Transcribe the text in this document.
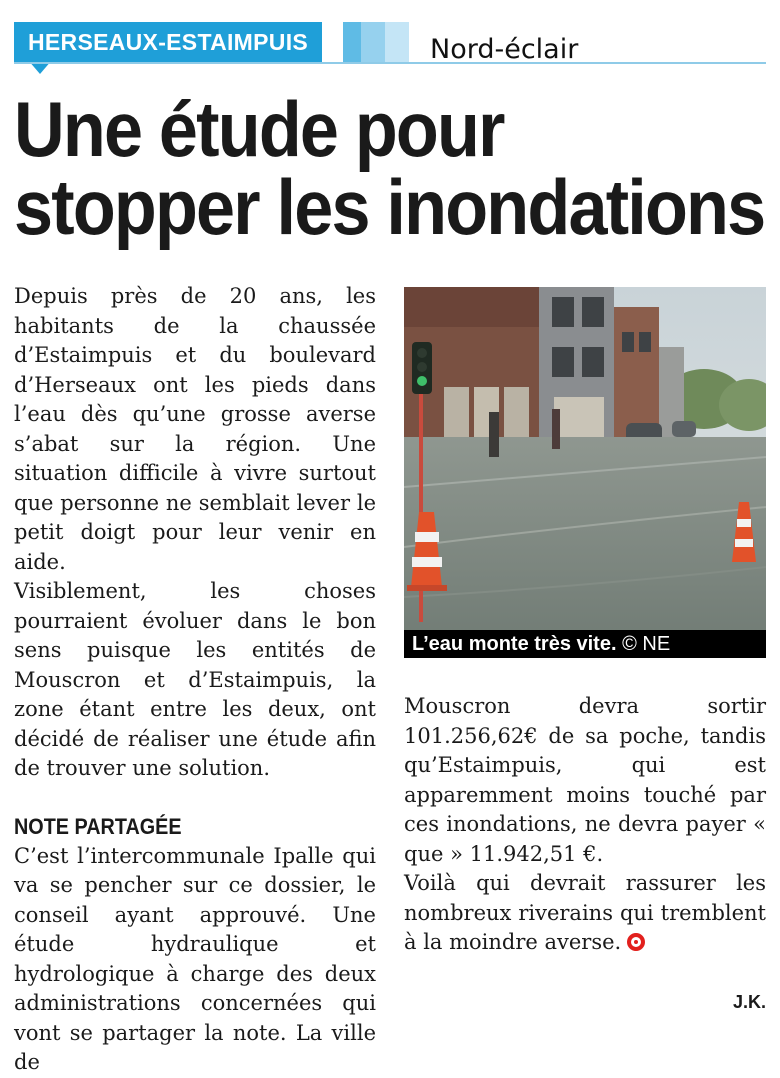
HERSEAUX-ESTAIMPUIS	Nord-éclair
Une étude pour
stopper les inondations

Depuis près de 20 ans, les habitants de la chaussée d’Estaimpuis et du boulevard d’Herseaux ont les pieds dans l’eau dès qu’une grosse averse s’abat sur la région. Une situation difficile à vivre surtout que personne ne semblait lever le petit doigt pour leur venir en aide.

Visiblement, les choses pourraient évoluer dans le bon sens puisque les entités de Mouscron et d’Estaimpuis, la zone étant entre les deux, ont décidé de réaliser une étude afin de trouver une solution.

NOTE PARTAGÉE

C’est l’intercommunale Ipalle qui va se pencher sur ce dossier, le conseil ayant approuvé. Une étude hydraulique et hydrologique à charge des deux administrations concernées qui vont se partager la note. La ville de

L’eau monte très vite. © NE

Mouscron devra sortir 101.256,62€ de sa poche, tandis qu’Estaimpuis, qui est apparemment moins touché par ces inondations, ne devra payer « que » 11.942,51 €.

Voilà qui devrait rassurer les nombreux riverains qui tremblent à la moindre averse.

J.K.
